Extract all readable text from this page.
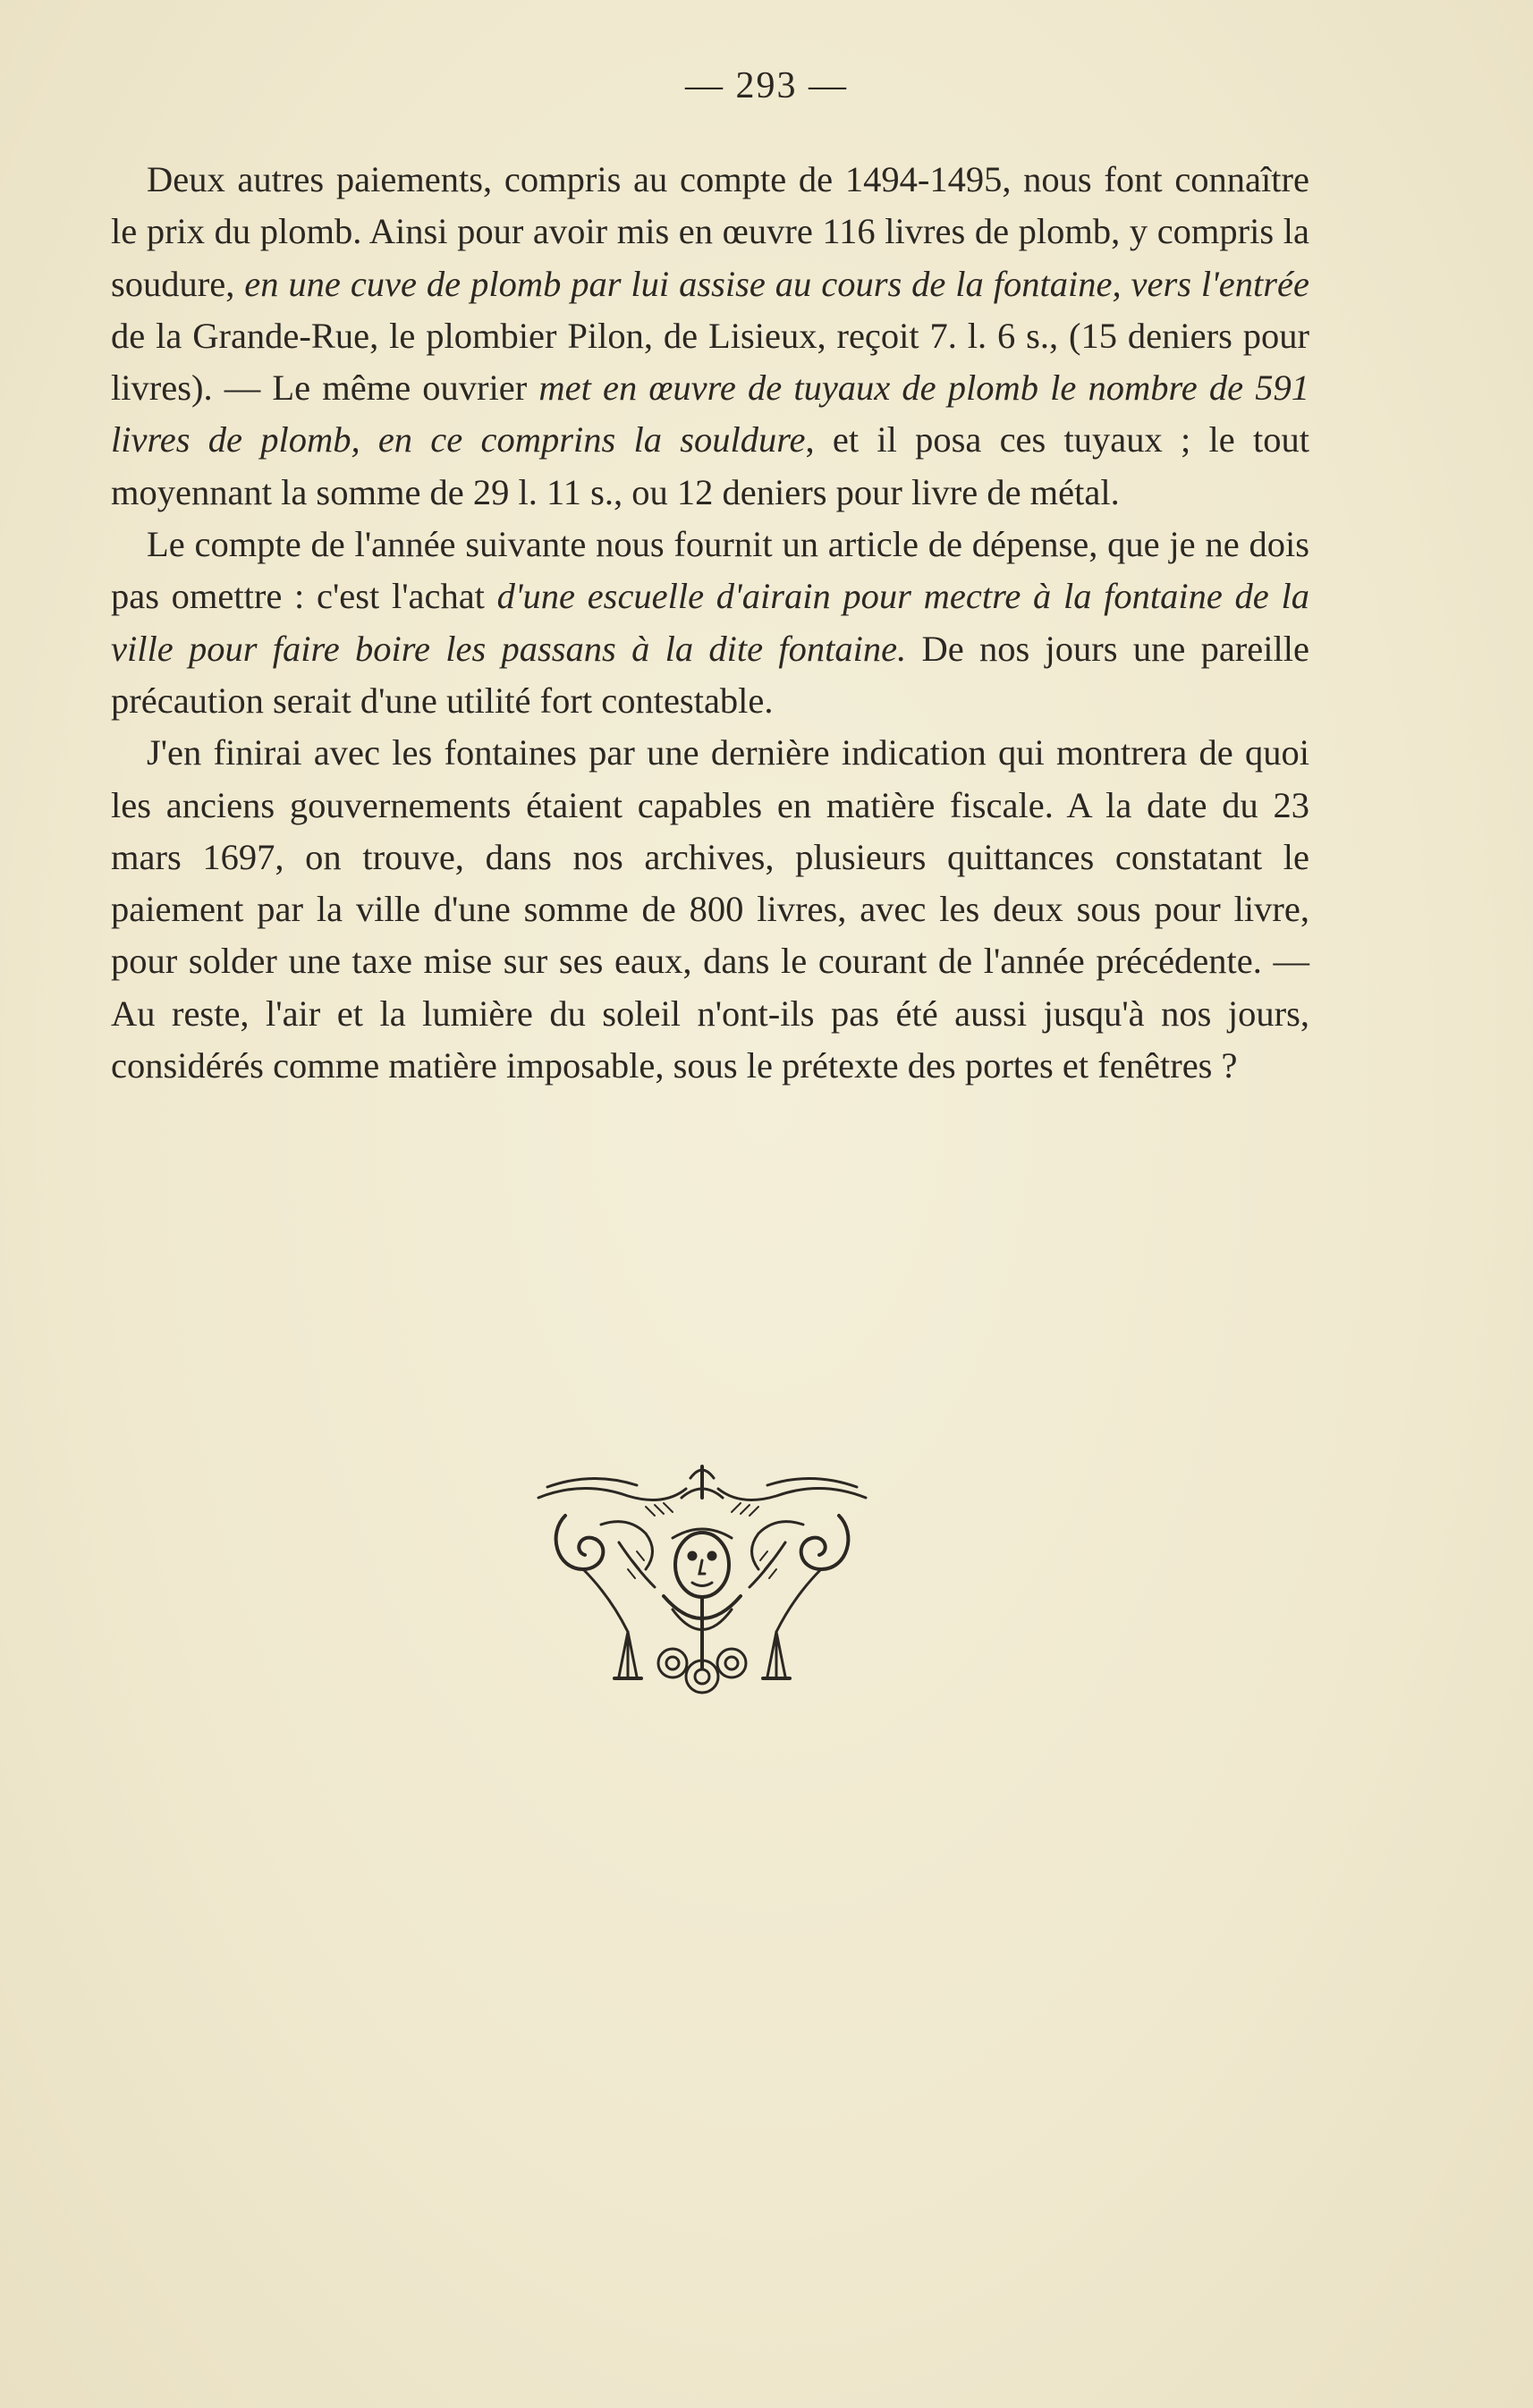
— 293 —

Deux autres paiements, compris au compte de 1494-1495, nous font connaître le prix du plomb. Ainsi pour avoir mis en œuvre 116 livres de plomb, y compris la soudure, en une cuve de plomb par lui assise au cours de la fontaine, vers l'entrée de la Grande-Rue, le plombier Pilon, de Lisieux, reçoit 7. l. 6 s., (15 deniers pour livres). — Le même ouvrier met en œuvre de tuyaux de plomb le nombre de 591 livres de plomb, en ce comprins la souldure, et il posa ces tuyaux ; le tout moyennant la somme de 29 l. 11 s., ou 12 deniers pour livre de métal.

Le compte de l'année suivante nous fournit un article de dépense, que je ne dois pas omettre : c'est l'achat d'une escuelle d'airain pour mectre à la fontaine de la ville pour faire boire les passans à la dite fontaine. De nos jours une pareille précaution serait d'une utilité fort contestable.

J'en finirai avec les fontaines par une dernière indication qui montrera de quoi les anciens gouvernements étaient capables en matière fiscale. A la date du 23 mars 1697, on trouve, dans nos archives, plusieurs quittances constatant le paiement par la ville d'une somme de 800 livres, avec les deux sous pour livre, pour solder une taxe mise sur ses eaux, dans le courant de l'année précédente. — Au reste, l'air et la lumière du soleil n'ont-ils pas été aussi jusqu'à nos jours, considérés comme matière imposable, sous le prétexte des portes et fenêtres ?
